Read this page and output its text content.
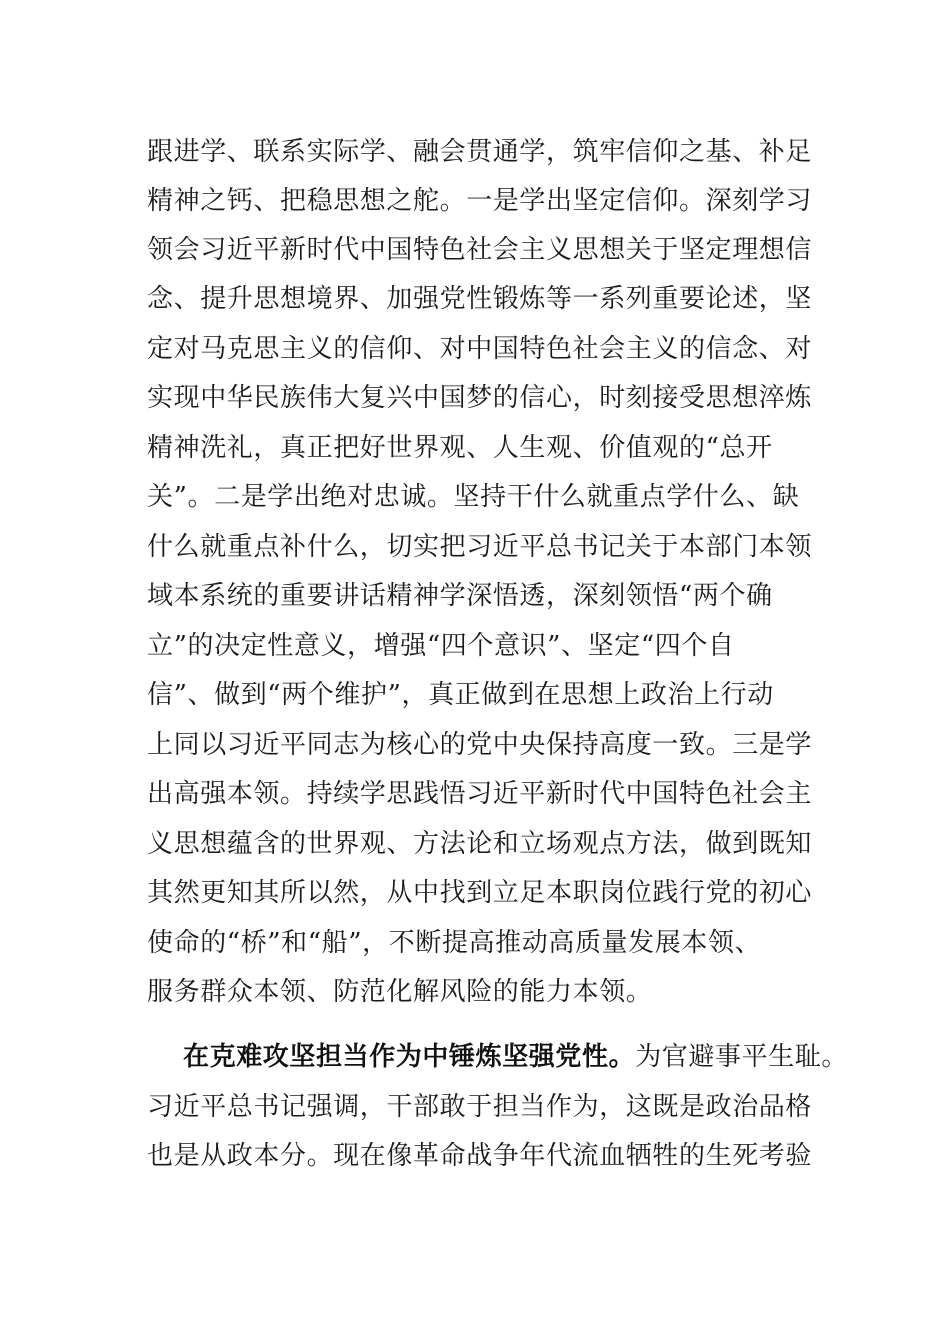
跟进学、联系实际学、融会贯通学，筑牢信仰之基、补足
精神之钙、把稳思想之舵。一是学出坚定信仰。深刻学习
领会习近平新时代中国特色社会主义思想关于坚定理想信
念、提升思想境界、加强党性锻炼等一系列重要论述，坚
定对马克思主义的信仰、对中国特色社会主义的信念、对
实现中华民族伟大复兴中国梦的信心，时刻接受思想淬炼
精神洗礼，真正把好世界观、人生观、价值观的“总开
关”。二是学出绝对忠诚。坚持干什么就重点学什么、缺
什么就重点补什么，切实把习近平总书记关于本部门本领
域本系统的重要讲话精神学深悟透，深刻领悟“两个确
立”的决定性意义，增强“四个意识”、坚定“四个自
信”、做到“两个维护”，真正做到在思想上政治上行动
上同以习近平同志为核心的党中央保持高度一致。三是学
出高强本领。持续学思践悟习近平新时代中国特色社会主
义思想蕴含的世界观、方法论和立场观点方法，做到既知
其然更知其所以然，从中找到立足本职岗位践行党的初心
使命的“桥”和“船”，不断提高推动高质量发展本领、
服务群众本领、防范化解风险的能力本领。
在克难攻坚担当作为中锤炼坚强党性。为官避事平生耻。
习近平总书记强调，干部敢于担当作为，这既是政治品格
也是从政本分。现在像革命战争年代流血牺牲的生死考验
